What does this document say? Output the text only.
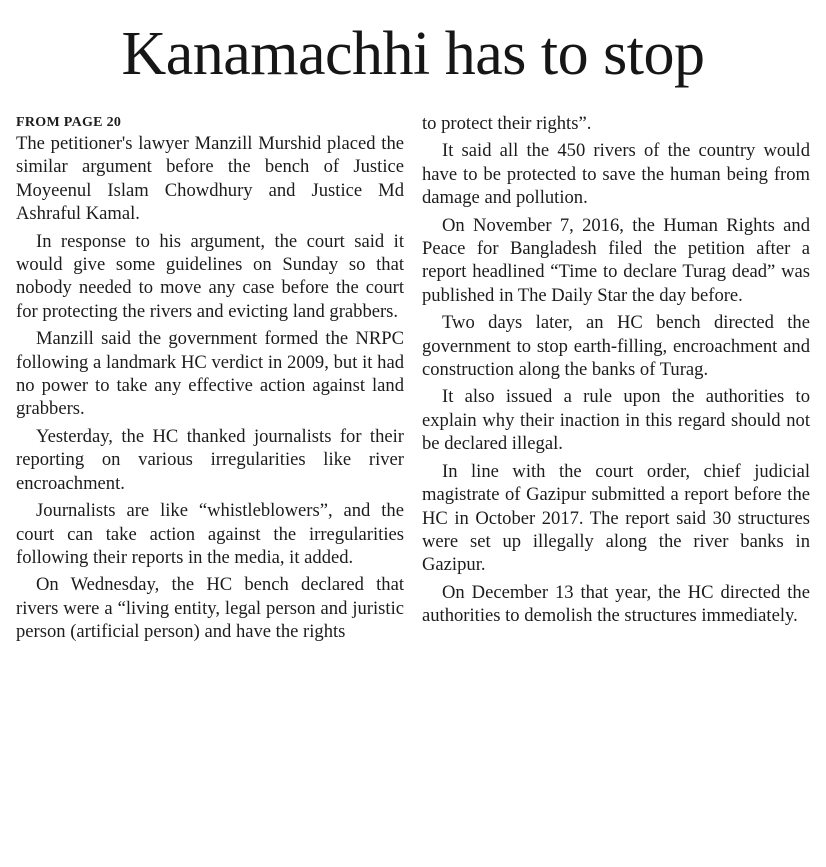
Kanamachhi has to stop
FROM PAGE 20

The petitioner's lawyer Manzill Murshid placed the similar argument before the bench of Justice Moyeenul Islam Chowdhury and Justice Md Ashraful Kamal.

In response to his argument, the court said it would give some guidelines on Sunday so that nobody needed to move any case before the court for protecting the rivers and evicting land grabbers.

Manzill said the government formed the NRPC following a landmark HC verdict in 2009, but it had no power to take any effective action against land grabbers.

Yesterday, the HC thanked journalists for their reporting on various irregularities like river encroachment.

Journalists are like “whistleblowers”, and the court can take action against the irregularities following their reports in the media, it added.

On Wednesday, the HC bench declared that rivers were a “living entity, legal person and juristic person (artificial person) and have the rights

to protect their rights”.

It said all the 450 rivers of the country would have to be protected to save the human being from damage and pollution.

On November 7, 2016, the Human Rights and Peace for Bangladesh filed the petition after a report headlined “Time to declare Turag dead” was published in The Daily Star the day before.

Two days later, an HC bench directed the government to stop earth-filling, encroachment and construction along the banks of Turag.

It also issued a rule upon the authorities to explain why their inaction in this regard should not be declared illegal.

In line with the court order, chief judicial magistrate of Gazipur submitted a report before the HC in October 2017. The report said 30 structures were set up illegally along the river banks in Gazipur.

On December 13 that year, the HC directed the authorities to demolish the structures immediately.
